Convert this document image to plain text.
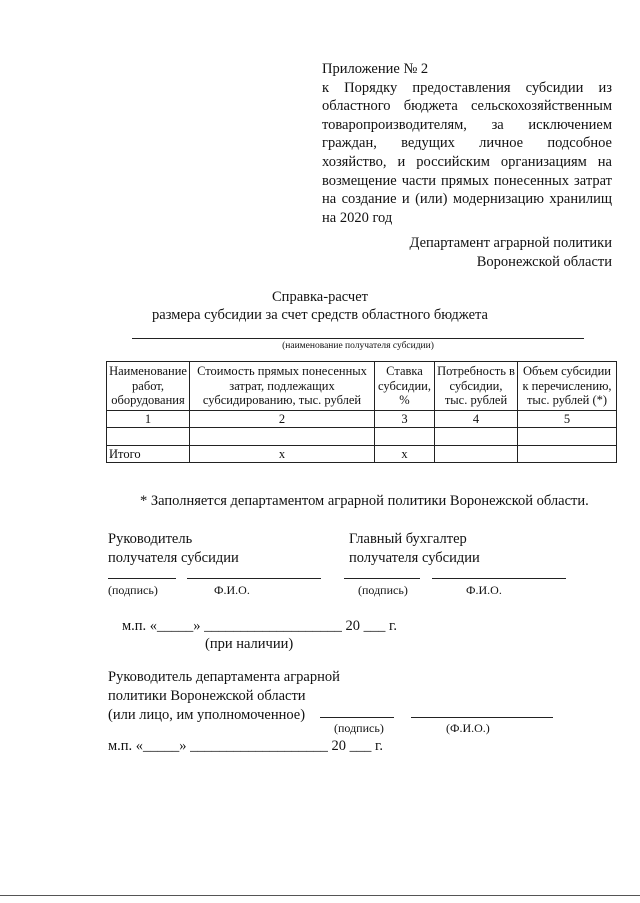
Приложение № 2
к Порядку предоставления субсидии из областного бюджета сельскохозяйственным товаропроизводителям, за исключением граждан, ведущих личное подсобное хозяйство, и российским организациям на возмещение части прямых понесенных затрат на создание и (или) модернизацию хранилищ на 2020 год
Департамент аграрной политики
Воронежской области
Справка-расчет
размера субсидии за счет средств областного бюджета
(наименование получателя субсидии)
Наименование работ, оборудования	Стоимость прямых понесенных затрат, подлежащих субсидированию, тыс. рублей	Ставка субсидии, %	Потребность в субсидии, тыс. рублей	Объем субсидии к перечислению, тыс. рублей (*)
1	2	3	4	5

Итого	x	x		
* Заполняется департаментом аграрной политики Воронежской области.
Руководитель
получателя субсидии
Главный бухгалтер
получателя субсидии
(подпись)	Ф.И.О.	(подпись)	Ф.И.О.
м.п. «_____» ___________________ 20 ___ г.
(при наличии)
Руководитель департамента аграрной
политики Воронежской области
(или лицо, им уполномоченное)
(подпись)	(Ф.И.О.)
м.п. «_____» ___________________ 20 ___ г.
